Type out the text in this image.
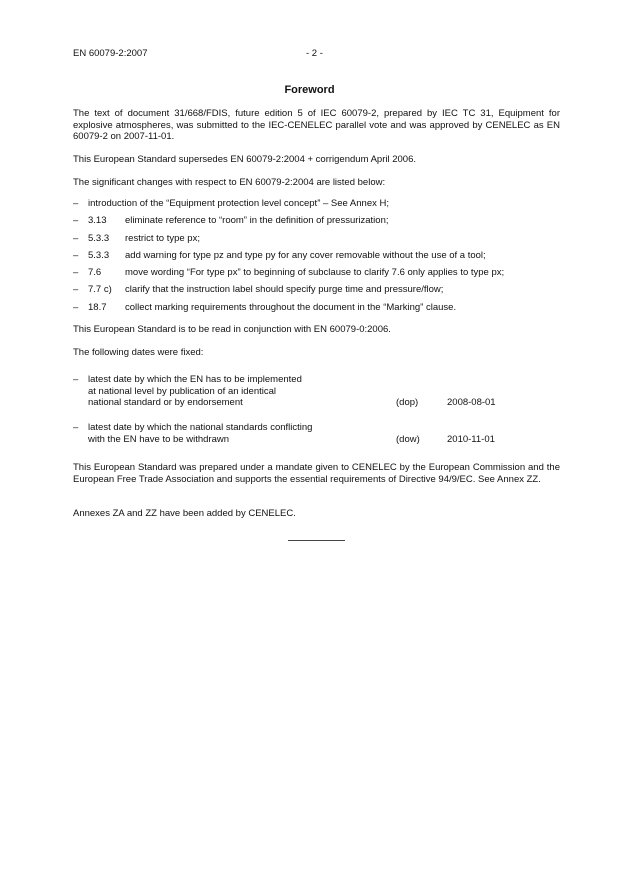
EN 60079-2:2007	- 2 -
Foreword

The text of document 31/668/FDIS, future edition 5 of IEC 60079-2, prepared by IEC TC 31, Equipment for explosive atmospheres, was submitted to the IEC-CENELEC parallel vote and was approved by CENELEC as EN 60079-2 on 2007-11-01.

This European Standard supersedes EN 60079-2:2004 + corrigendum April 2006.

The significant changes with respect to EN 60079-2:2004 are listed below:

– introduction of the “Equipment protection level concept” – See Annex H;
– 3.13 eliminate reference to “room” in the definition of pressurization;
– 5.3.3 restrict to type px;
– 5.3.3 add warning for type pz and type py for any cover removable without the use of a tool;
– 7.6	move wording “For type px” to beginning of subclause to clarify 7.6 only applies to type px;
– 7.7 c) clarify that the instruction label should specify purge time and pressure/flow;
– 18.7 collect marking requirements throughout the document in the “Marking” clause.

This European Standard is to be read in conjunction with EN 60079-0:2006.

The following dates were fixed:

– latest date by which the EN has to be implemented
at national level by publication of an identical
national standard or by endorsement	(dop)	2008-08-01
– latest date by which the national standards conflicting
with the EN have to be withdrawn	(dow)	2010-11-01

This European Standard was prepared under a mandate given to CENELEC by the European Commission and the European Free Trade Association and supports the essential requirements of Directive 94/9/EC. See Annex ZZ.

Annexes ZA and ZZ have been added by CENELEC.
